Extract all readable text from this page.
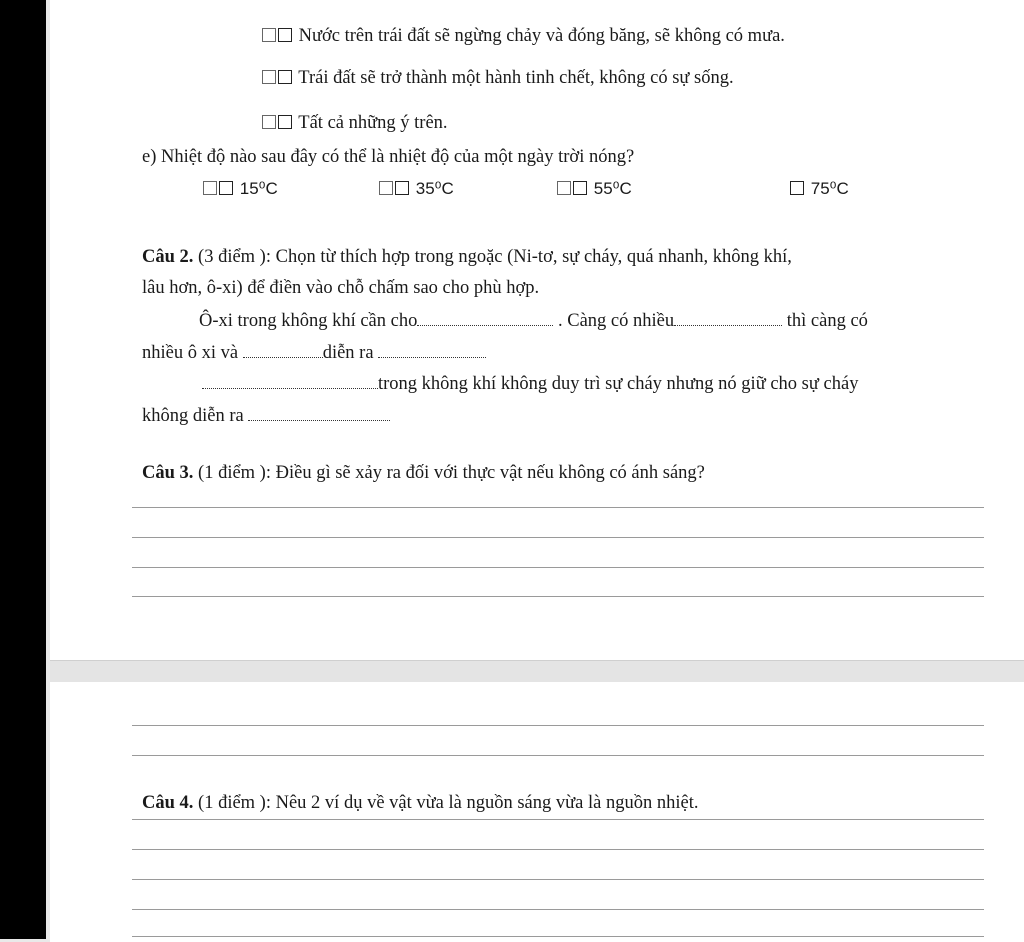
Nước trên trái đất sẽ ngừng chảy và đóng băng, sẽ không có mưa.
Trái đất sẽ trở thành một hành tinh chết, không có sự sống.
Tất cả những ý trên.
e) Nhiệt độ nào sau đây có thể là nhiệt độ của một ngày trời nóng?
15⁰C	35⁰C	55⁰C	75⁰C
Câu 2. (3 điểm ): Chọn từ thích hợp trong ngoặc (Ni-tơ, sự cháy, quá nhanh, không khí,
lâu hơn, ô-xi) để điền vào chỗ chấm sao cho phù hợp.
Ô-xi trong không khí cần cho	. Càng có nhiều	thì càng có
nhiều ô xi và	diễn ra
trong không khí không duy trì sự cháy nhưng nó giữ cho sự cháy
không diễn ra
Câu 3. (1 điểm ): Điều gì sẽ xảy ra đối với thực vật nếu không có ánh sáng?
Câu 4. (1 điểm ): Nêu 2 ví dụ về vật vừa là nguồn sáng vừa là nguồn nhiệt.
